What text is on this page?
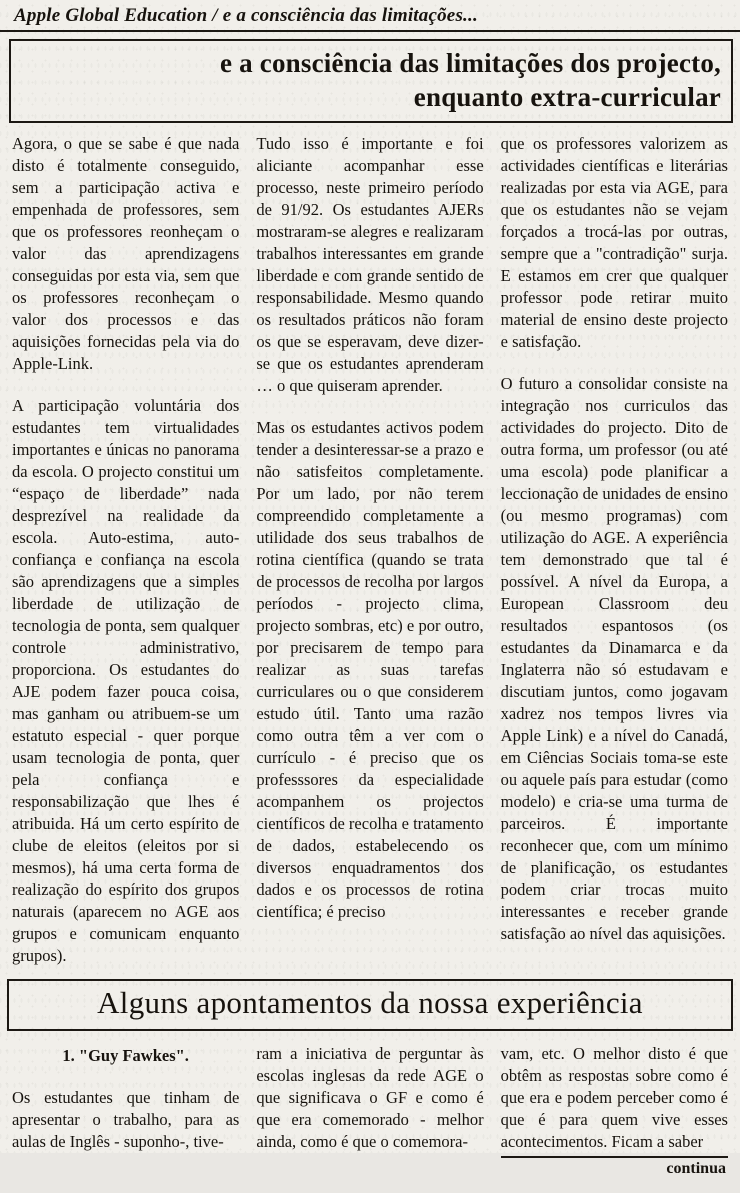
Apple Global Education / e a consciência das limitações...
e a consciência das limitações dos projecto,
enquanto extra-curricular

Agora, o que se sabe é que nada disto é totalmente conseguido, sem a participação activa e empenhada de professores, sem que os professores reonheçam o valor das aprendizagens conseguidas por esta via, sem que os professores reconheçam o valor dos processos e das aquisições fornecidas pela via do Apple-Link.

A participação voluntária dos estudantes tem virtualidades importantes e únicas no panorama da escola. O projecto constitui um “espaço de liberdade” nada desprezível na realidade da escola. Auto-estima, auto-confiança e confiança na escola são aprendizagens que a simples liberdade de utilização de tecnologia de ponta, sem qualquer controle administrativo, proporciona. Os estudantes do AJE podem fazer pouca coisa, mas ganham ou atribuem-se um estatuto especial - quer porque usam tecnologia de ponta, quer pela confiança e responsabilização que lhes é atribuida. Há um certo espírito de clube de eleitos (eleitos por si mesmos), há uma certa forma de realização do espírito dos grupos naturais (aparecem no AGE aos grupos e comunicam enquanto grupos).

Tudo isso é importante e foi aliciante acompanhar esse processo, neste primeiro período de 91/92. Os estudantes AJERs mostraram-se alegres e realizaram trabalhos interessantes em grande liberdade e com grande sentido de responsabilidade. Mesmo quando os resultados práticos não foram os que se esperavam, deve dizer-se que os estudantes aprenderam … o que quiseram aprender.

Mas os estudantes activos podem tender a desinteressar-se a prazo e não satisfeitos completamente. Por um lado, por não terem compreendido completamente a utilidade dos seus trabalhos de rotina científica (quando se trata de processos de recolha por largos períodos - projecto clima, projecto sombras, etc) e por outro, por precisarem de tempo para realizar as suas tarefas curriculares ou o que considerem estudo útil. Tanto uma razão como outra têm a ver com o currículo - é preciso que os professsores da especialidade acompanhem os projectos científicos de recolha e tratamento de dados, estabelecendo os diversos enquadramentos dos dados e os processos de rotina científica; é preciso

que os professores valorizem as actividades científicas e literárias realizadas por esta via AGE, para que os estudantes não se vejam forçados a trocá-las por outras, sempre que a "contradição" surja. E estamos em crer que qualquer professor pode retirar muito material de ensino deste projecto e satisfação.

O futuro a consolidar consiste na integração nos curriculos das actividades do projecto. Dito de outra forma, um professor (ou até uma escola) pode planificar a leccionação de unidades de ensino (ou mesmo programas) com utilização do AGE. A experiência tem demonstrado que tal é possível. A nível da Europa, a European Classroom deu resultados espantosos (os estudantes da Dinamarca e da Inglaterra não só estudavam e discutiam juntos, como jogavam xadrez nos tempos livres via Apple Link) e a nível do Canadá, em Ciências Sociais toma-se este ou aquele país para estudar (como modelo) e cria-se uma turma de parceiros. É importante reconhecer que, com um mínimo de planificação, os estudantes podem criar trocas muito interessantes e receber grande satisfação ao nível das aquisições.

Alguns apontamentos da nossa experiência
1. "Guy Fawkes".

Os estudantes que tinham de apresentar o trabalho, para as aulas de Inglês - suponho-, tive-

ram a iniciativa de perguntar às escolas inglesas da rede AGE o que significava o GF e como é que era comemorado - melhor ainda, como é que o comemora-

vam, etc. O melhor disto é que obtêm as respostas sobre como é que era e podem perceber como é que é para quem vive esses acontecimentos. Ficam a saber

continua
